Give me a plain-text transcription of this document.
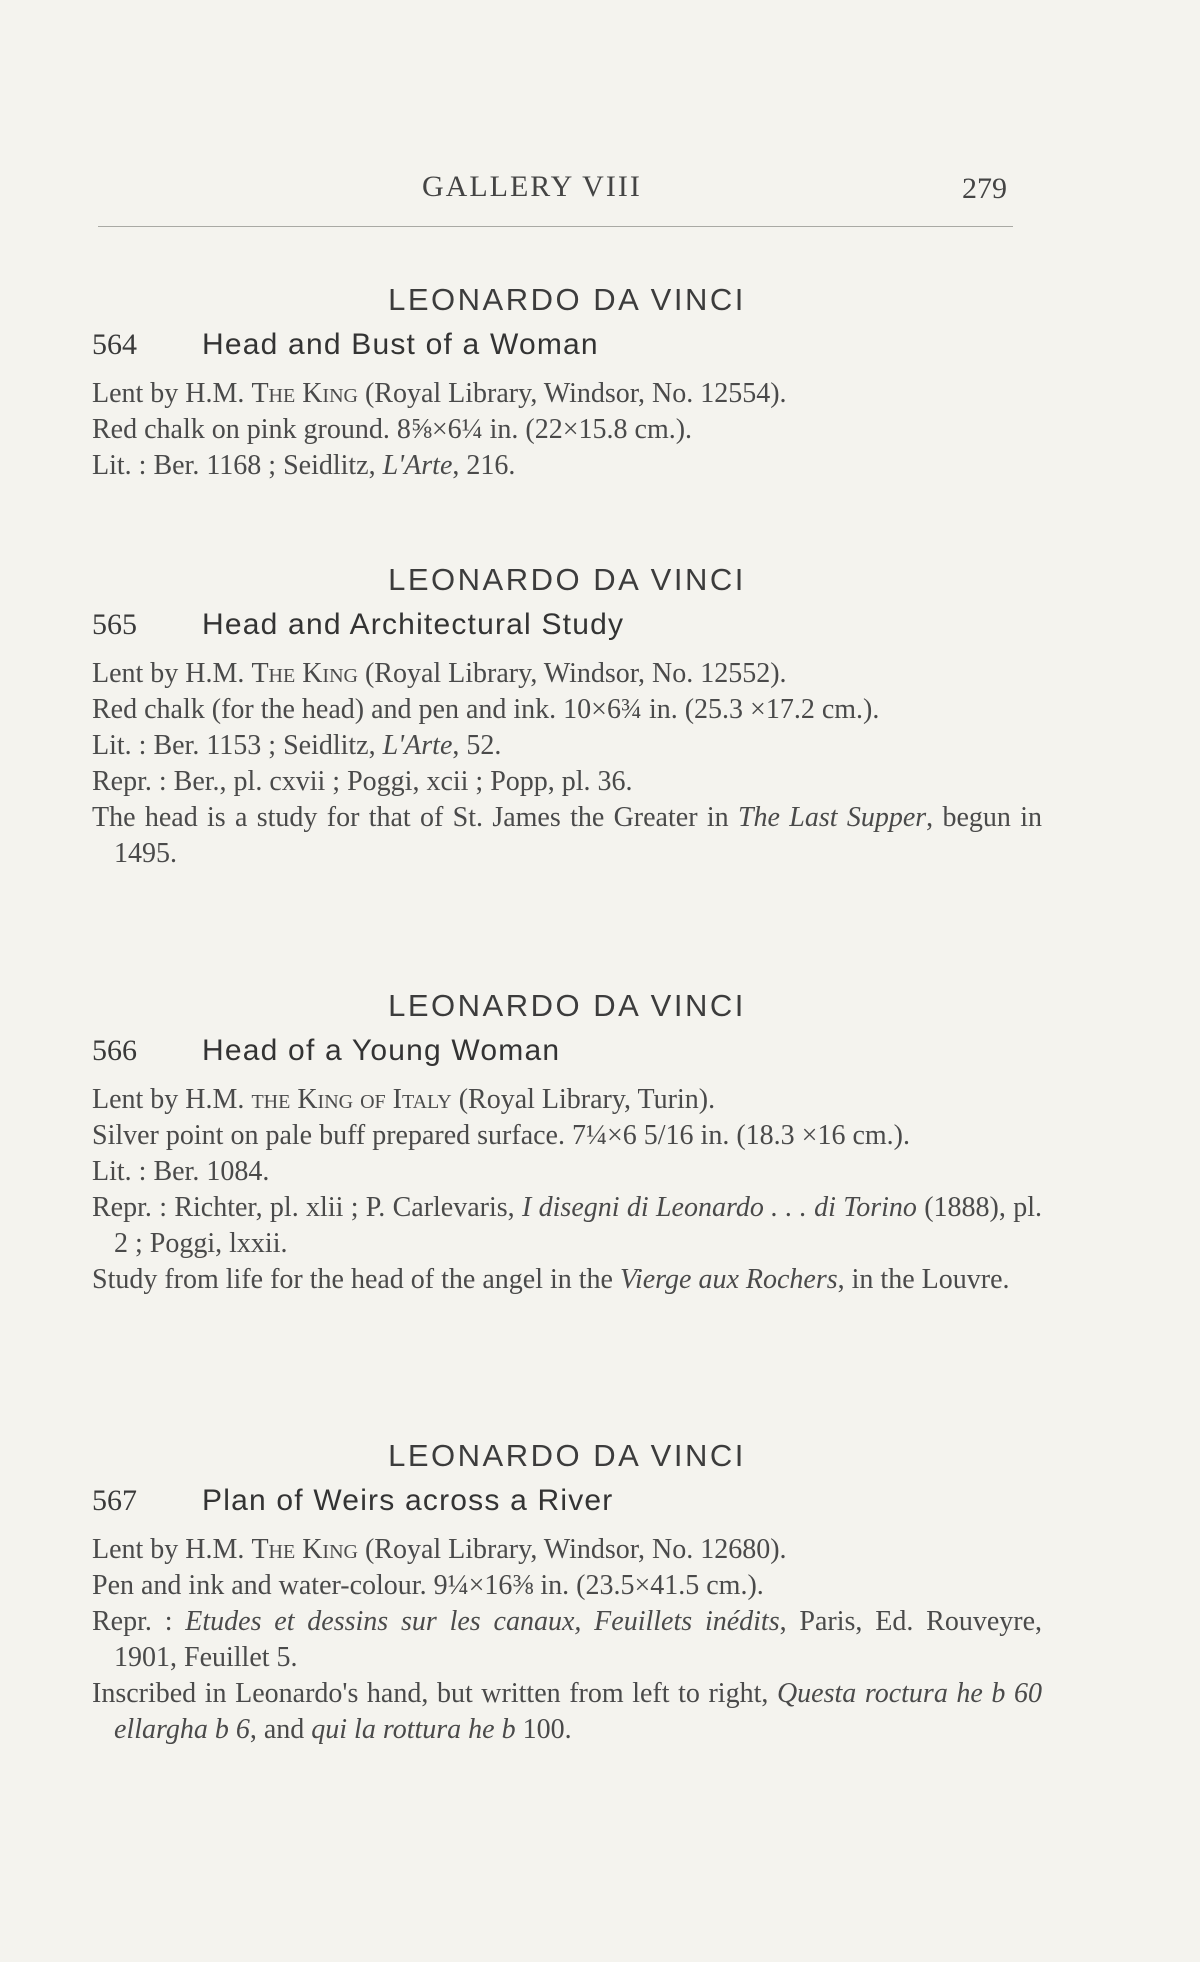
GALLERY VIII	279
LEONARDO DA VINCI
564	Head and Bust of a Woman

Lent by H.M. The King (Royal Library, Windsor, No. 12554).

Red chalk on pink ground. 8⅝×6¼ in. (22×15.8 cm.).

Lit. : Ber. 1168 ; Seidlitz, L'Arte, 216.

LEONARDO DA VINCI
565	Head and Architectural Study

Lent by H.M. The King (Royal Library, Windsor, No. 12552).

Red chalk (for the head) and pen and ink. 10×6¾ in. (25.3 ×17.2 cm.).

Lit. : Ber. 1153 ; Seidlitz, L'Arte, 52.

Repr. : Ber., pl. cxvii ; Poggi, xcii ; Popp, pl. 36.

The head is a study for that of St. James the Greater in The Last Supper, begun in 1495.

LEONARDO DA VINCI
566	Head of a Young Woman

Lent by H.M. the King of Italy (Royal Library, Turin).

Silver point on pale buff prepared surface. 7¼×6 5/16 in. (18.3 ×16 cm.).

Lit. : Ber. 1084.

Repr. : Richter, pl. xlii ; P. Carlevaris, I disegni di Leonardo . . . di Torino (1888), pl. 2 ; Poggi, lxxii.

Study from life for the head of the angel in the Vierge aux Rochers, in the Louvre.

LEONARDO DA VINCI
567	Plan of Weirs across a River

Lent by H.M. The King (Royal Library, Windsor, No. 12680).

Pen and ink and water-colour. 9¼×16⅜ in. (23.5×41.5 cm.).

Repr. : Etudes et dessins sur les canaux, Feuillets inédits, Paris, Ed. Rouveyre, 1901, Feuillet 5.

Inscribed in Leonardo's hand, but written from left to right, Questa roctura he b 60 ellargha b 6, and qui la rottura he b 100.
